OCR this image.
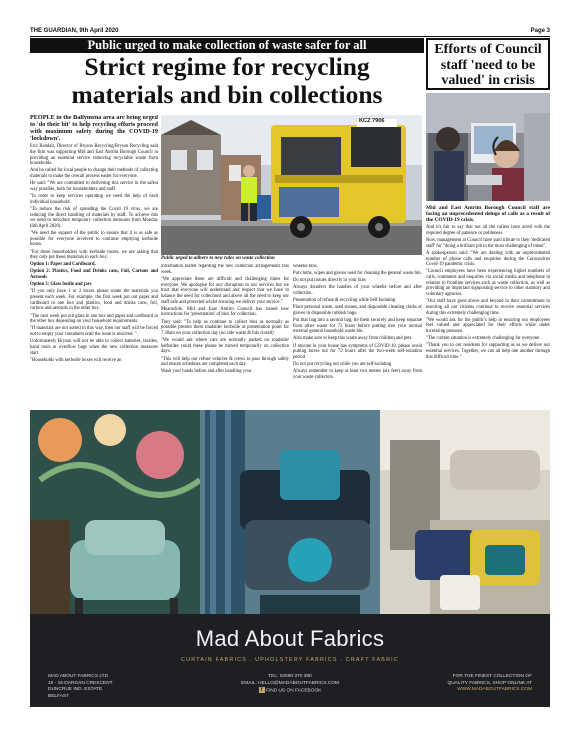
THE GUARDIAN, 9th April 2020	Page 3
Public urged to make collection of waste safer for all
Strict regime for recycling
materials and bin collections
Efforts of Council staff 'need to be valued' in crisis
KCZ 7906
Public urged to adhere to new rules on waste collection

PEOPLE in the Ballymena area are being urged to 'do their bit' to help recycling efforts proceed with maximum safety during the COVID-19 'lockdown'.

Eric Randall, Director of Bryson Recycling/Bryson Recycling said the firm was supporting Mid and East Antrim Borough Council in providing an essential service removing recyclable waste from households.

And he called for local people to change their methods of collecting materials to make the overall process easier for everyone.

He said: "We are committed to delivering this service in the safest way possible, both for householders and staff.

"In order to keep services operating we need the help of each individual household.

"To reduce the risk of spreading the Covid 19 virus, we are reducing the direct handling of materials by staff. To achieve this we need to introduce temporary collection measures from Monday (6th April 2020).

"We need the support of the public to ensure that it is as safe as possible for everyone involved to continue emptying kerbside boxes.

"For those householders with kerbside boxes, we are asking that they only put these materials in each box:

Option 1: Paper and Cardboard,

Option 2: Plastics, Food and Drinks cans, Foil, Cartons and Aerosols

Option 3: Glass bottle and jars

"If you only have 1 or 2 boxes please rotate the materials you present each week. For example, the first week put out paper and cardboard in one box and plastics, food and drinks cans, foil, cartons and aerosols in the other box.

"The next week put out glass in one box and paper and cardboard in the other box depending on your household requirements.

"If materials are not sorted in this way, then our staff will be forced not to empty your containers until the issue is resolved. "

Unfortunately Bryson will not be able to collect batteries, textiles, hand tools or overflow bags when the new collection measures start.

"Households with kerbside boxes will receive an

information leaflet regarding the new collection arrangements this week.

"We appreciate these are difficult and challenging times for everyone. We apologise for any disruption to our services but we trust that everyone will understand and respect that we have to balance the need for collections and above all the need to keep our staff safe and protected whilst ensuring we deliver your service."

Meanwhile, Mid and East Antrim Council has issued new instructions for 'presentation' of bins for collection.

They said: "To help us continue to collect bins as normally as possible present them roadside/ kerbside at presentation point for 7.30am on your collection day (no side waste & lids closed)

"We would ask where cars are normally parked on roadside/ kerbsides could these please be moved temporarily on collection days.

"This will help our refuse vehicles & crews to pass through safely and ensure schedules are completed each day.

Wash your hands before and after handling your

wheelie bins.

Put cloths, wipes and gloves used for cleaning the general waste bin.

Do not put tissues directly in your bins

Always disinfect the handles of your wheelie before and after collection.

Presentation of refuse & recycling while Self Isolating

Place personal waste, used tissues, and disposable cleaning cloths or gloves in disposable rubbish bags.

Put that bag into a second bag, tie them securely and keep separate from other waste for 72 hours before putting into your normal external general household waste bin.

Also make sure to keep this waste away from children and pets.

If anyone in your house has symptoms of COVID-19, please avoid putting boxes out for 72 hours after the two-week self-isolation period

Do not put recycling out while you are self-isolating

Always remember to keep at least two metres (six feet) away from your waste collectors.

Mid and East Antrim Borough Council staff are facing an unprecedented deluge of calls as a result of the COVID-19 crisis.

And it's fair to say that not all the callers have acted with the required degree of patience or politeness.

Now, management at Council have paid tribute to their 'dedicated staff' for "doing a brilliant job in the most challenging of times".

A spokesperson said: "We are dealing with an unprecedented number of phone calls and enquiries during the Coronavirus Covid-19 pandemic crisis.

"Council employees have been experiencing higher numbers of calls, comments and enquiries via social media and telephone in relation to frontline services such as waste collection, as well as providing an important signposting service to other statutory and voluntary agencies.

"Our staff have gone above and beyond in their commitment to ensuring all our citizens continue to receive essential services during this extremely challenging time.

"We would ask for the public's help in ensuring our employees feel valued and appreciated for their efforts while under increasing pressure.

"The current situation is extremely challenging for everyone.

"Thank you to our residents for supporting us as we deliver our essential services. Together, we can all help one another through this difficult time."

Mad About Fabrics
CURTAIN FABRICS . UPHOLSTERY FABRICS . CRAFT FABRIC
MAD ABOUT FABRICS LTD
16 - 18 DARGAN CRESCENT
DUNCRUE IND. ESTATE
BELFAST
TEL: 02890 370 390
EMAIL: HELLO@MADABOUTFABRICS.COM
f FIND US ON FACEBOOK
FOR THE FINEST COLLECTION OF
QUALITY FABRICS, SHOP ONLINE AT
WWW.MADABOUTFABRICS.COM
